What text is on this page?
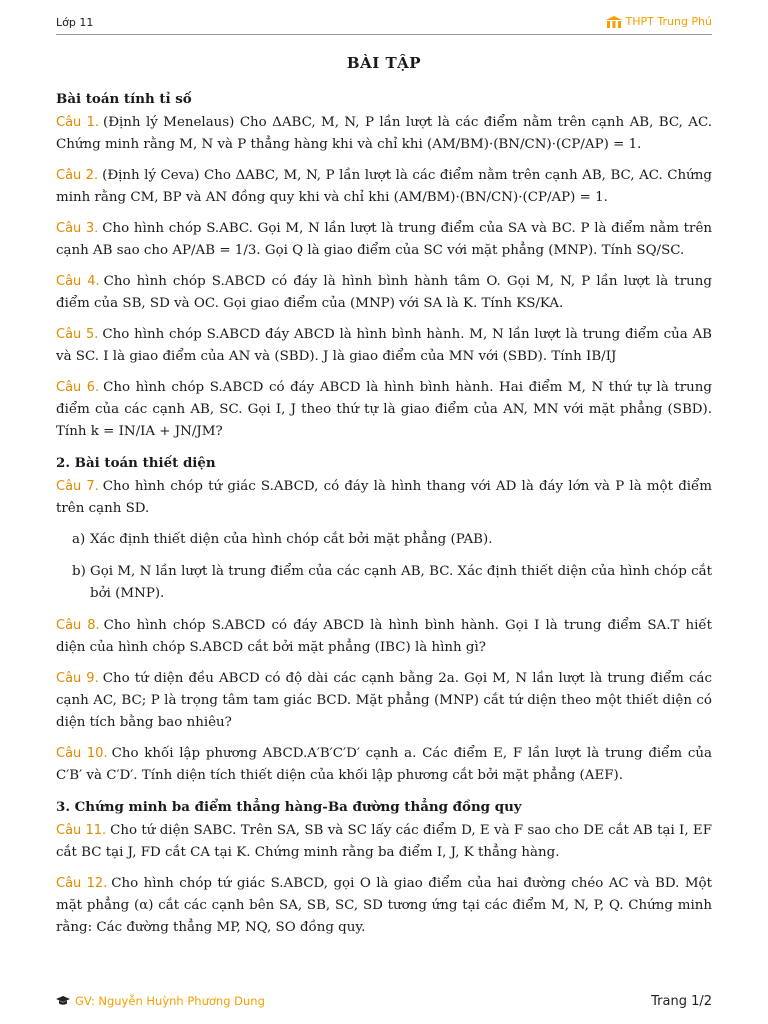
Lớp 11	THPT Trung Phú
BÀI TẬP
Bài toán tính tỉ số
Câu 1. (Định lý Menelaus) Cho ΔABC, M, N, P lần lượt là các điểm nằm trên cạnh AB, BC, AC. Chứng minh rằng M, N và P thẳng hàng khi và chỉ khi (AM/BM)·(BN/CN)·(CP/AP) = 1.
Câu 2. (Định lý Ceva) Cho ΔABC, M, N, P lần lượt là các điểm nằm trên cạnh AB, BC, AC. Chứng minh rằng CM, BP và AN đồng quy khi và chỉ khi (AM/BM)·(BN/CN)·(CP/AP) = 1.
Câu 3. Cho hình chóp S.ABC. Gọi M, N lần lượt là trung điểm của SA và BC. P là điểm nằm trên cạnh AB sao cho AP/AB = 1/3. Gọi Q là giao điểm của SC với mặt phẳng (MNP). Tính SQ/SC.
Câu 4. Cho hình chóp S.ABCD có đáy là hình bình hành tâm O. Gọi M, N, P lần lượt là trung điểm của SB, SD và OC. Gọi giao điểm của (MNP) với SA là K. Tính KS/KA.
Câu 5. Cho hình chóp S.ABCD đáy ABCD là hình bình hành. M, N lần lượt là trung điểm của AB và SC. I là giao điểm của AN và (SBD). J là giao điểm của MN với (SBD). Tính IB/IJ
Câu 6. Cho hình chóp S.ABCD có đáy ABCD là hình bình hành. Hai điểm M, N thứ tự là trung điểm của các cạnh AB, SC. Gọi I, J theo thứ tự là giao điểm của AN, MN với mặt phẳng (SBD). Tính k = IN/IA + JN/JM?
2. Bài toán thiết diện
Câu 7. Cho hình chóp tứ giác S.ABCD, có đáy là hình thang với AD là đáy lớn và P là một điểm trên cạnh SD.
a) Xác định thiết diện của hình chóp cắt bởi mặt phẳng (PAB).
b) Gọi M, N lần lượt là trung điểm của các cạnh AB, BC. Xác định thiết diện của hình chóp cắt bởi (MNP).
Câu 8. Cho hình chóp S.ABCD có đáy ABCD là hình bình hành. Gọi I là trung điểm SA.T hiết diện của hình chóp S.ABCD cắt bởi mặt phẳng (IBC) là hình gì?
Câu 9. Cho tứ diện đều ABCD có độ dài các cạnh bằng 2a. Gọi M, N lần lượt là trung điểm các cạnh AC, BC; P là trọng tâm tam giác BCD. Mặt phẳng (MNP) cắt tứ diện theo một thiết diện có diện tích bằng bao nhiêu?
Câu 10. Cho khối lập phương ABCD.A′B′C′D′ cạnh a. Các điểm E, F lần lượt là trung điểm của C′B′ và C′D′. Tính diện tích thiết diện của khối lập phương cắt bởi mặt phẳng (AEF).
3. Chứng minh ba điểm thẳng hàng-Ba đường thẳng đồng quy
Câu 11. Cho tứ diện SABC. Trên SA, SB và SC lấy các điểm D, E và F sao cho DE cắt AB tại I, EF cắt BC tại J, FD cắt CA tại K. Chứng minh rằng ba điểm I, J, K thẳng hàng.
Câu 12. Cho hình chóp tứ giác S.ABCD, gọi O là giao điểm của hai đường chéo AC và BD. Một mặt phẳng (α) cắt các cạnh bên SA, SB, SC, SD tương ứng tại các điểm M, N, P, Q. Chứng minh rằng: Các đường thẳng MP, NQ, SO đồng quy.
GV: Nguyễn Huỳnh Phương Dung	Trang 1/2
